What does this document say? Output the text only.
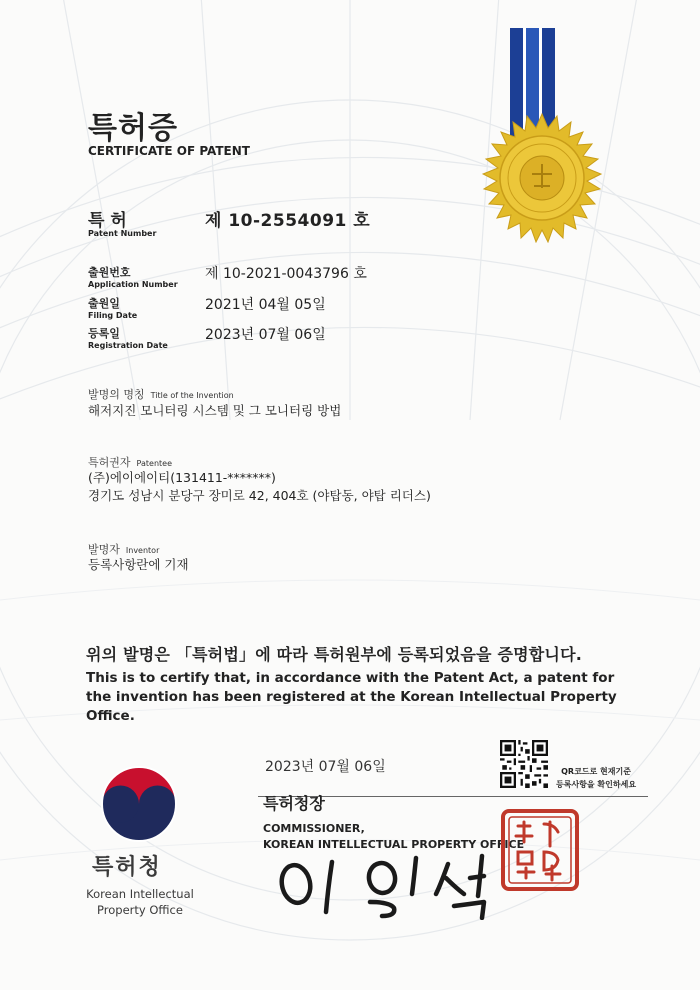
특허증

CERTIFICATE OF PATENT

특 허

Patent Number

제 10-2554091 호

출원번호

Application Number

제 10-2021-0043796 호

출원일

Filing Date

2021년 04월 05일

등록일

Registration Date

2023년 07월 06일

발명의 명칭 Title of the Invention

해저지진 모니터링 시스템 및 그 모니터링 방법

특허권자 Patentee

(주)에이에이티(131411-*******)

경기도 성남시 분당구 장미로 42, 404호 (야탑동, 야탑 리더스)

발명자 Inventor

등록사항란에 기재

위의 발명은 「특허법」에 따라 특허원부에 등록되었음을 증명합니다.

This is to certify that, in accordance with the Patent Act, a patent for the invention has been registered at the Korean Intellectual Property Office.

QR코드로 현재기준
등록사항을 확인하세요

2023년 07월 06일

특허청장

COMMISSIONER,
KOREAN INTELLECTUAL PROPERTY OFFICE

특허청

Korean Intellectual
Property Office
